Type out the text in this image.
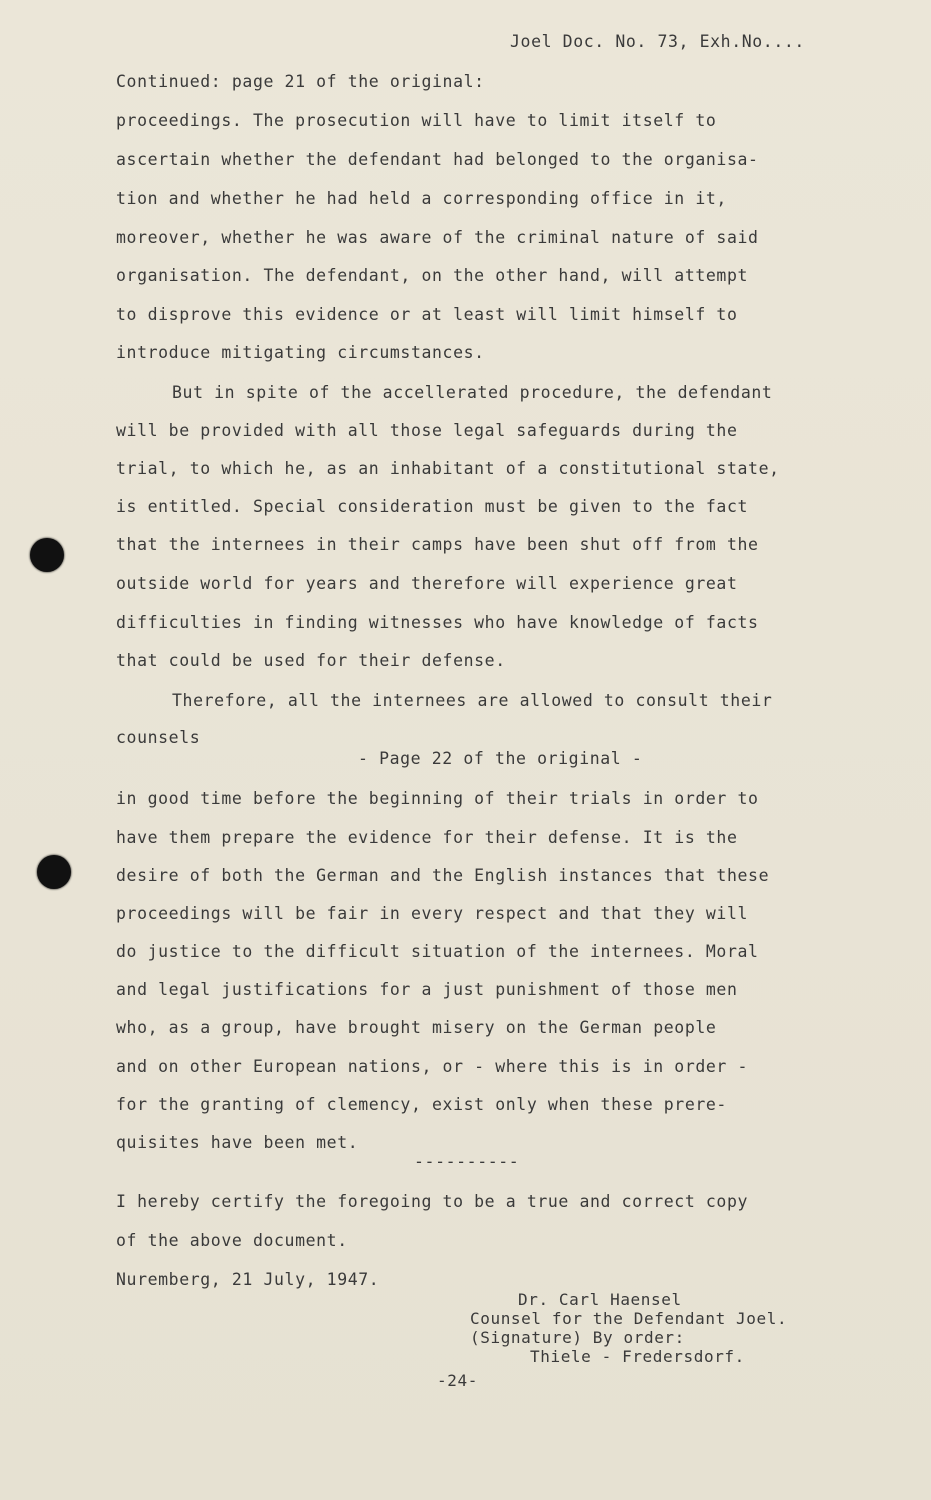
Joel Doc. No. 73, Exh.No....
Continued: page 21 of the original:
proceedings. The prosecution will have to limit itself to
ascertain whether the defendant had belonged to the organisa-
tion and whether he had held a corresponding office in it,
moreover, whether he was aware of the criminal nature of said
organisation. The defendant, on the other hand, will attempt
to disprove this evidence or at least will limit himself to
introduce mitigating circumstances.
But in spite of the accellerated procedure, the defendant
will be provided with all those legal safeguards during the
trial, to which he, as an inhabitant of a constitutional state,
is entitled. Special consideration must be given to the fact
that the internees in their camps have been shut off from the
outside world for years and therefore will experience great
difficulties in finding witnesses who have knowledge of facts
that could be used for their defense.
Therefore, all the internees are allowed to consult their
counsels
- Page 22 of the original -
in good time before the beginning of their trials in order to
have them prepare the evidence for their defense. It is the
desire of both the German and the English instances that these
proceedings will be fair in every respect and that they will
do justice to the difficult situation of the internees. Moral
and legal justifications for a just punishment of those men
who, as a group, have brought misery on the German people
and on other European nations, or - where this is in order -
for the granting of clemency, exist only when these prere-
quisites have been met.
----------
I hereby certify the foregoing to be a true and correct copy
of the above document.
Nuremberg, 21 July, 1947.
Dr. Carl Haensel
Counsel for the Defendant Joel.
(Signature) By order:
Thiele - Fredersdorf.
-24-
